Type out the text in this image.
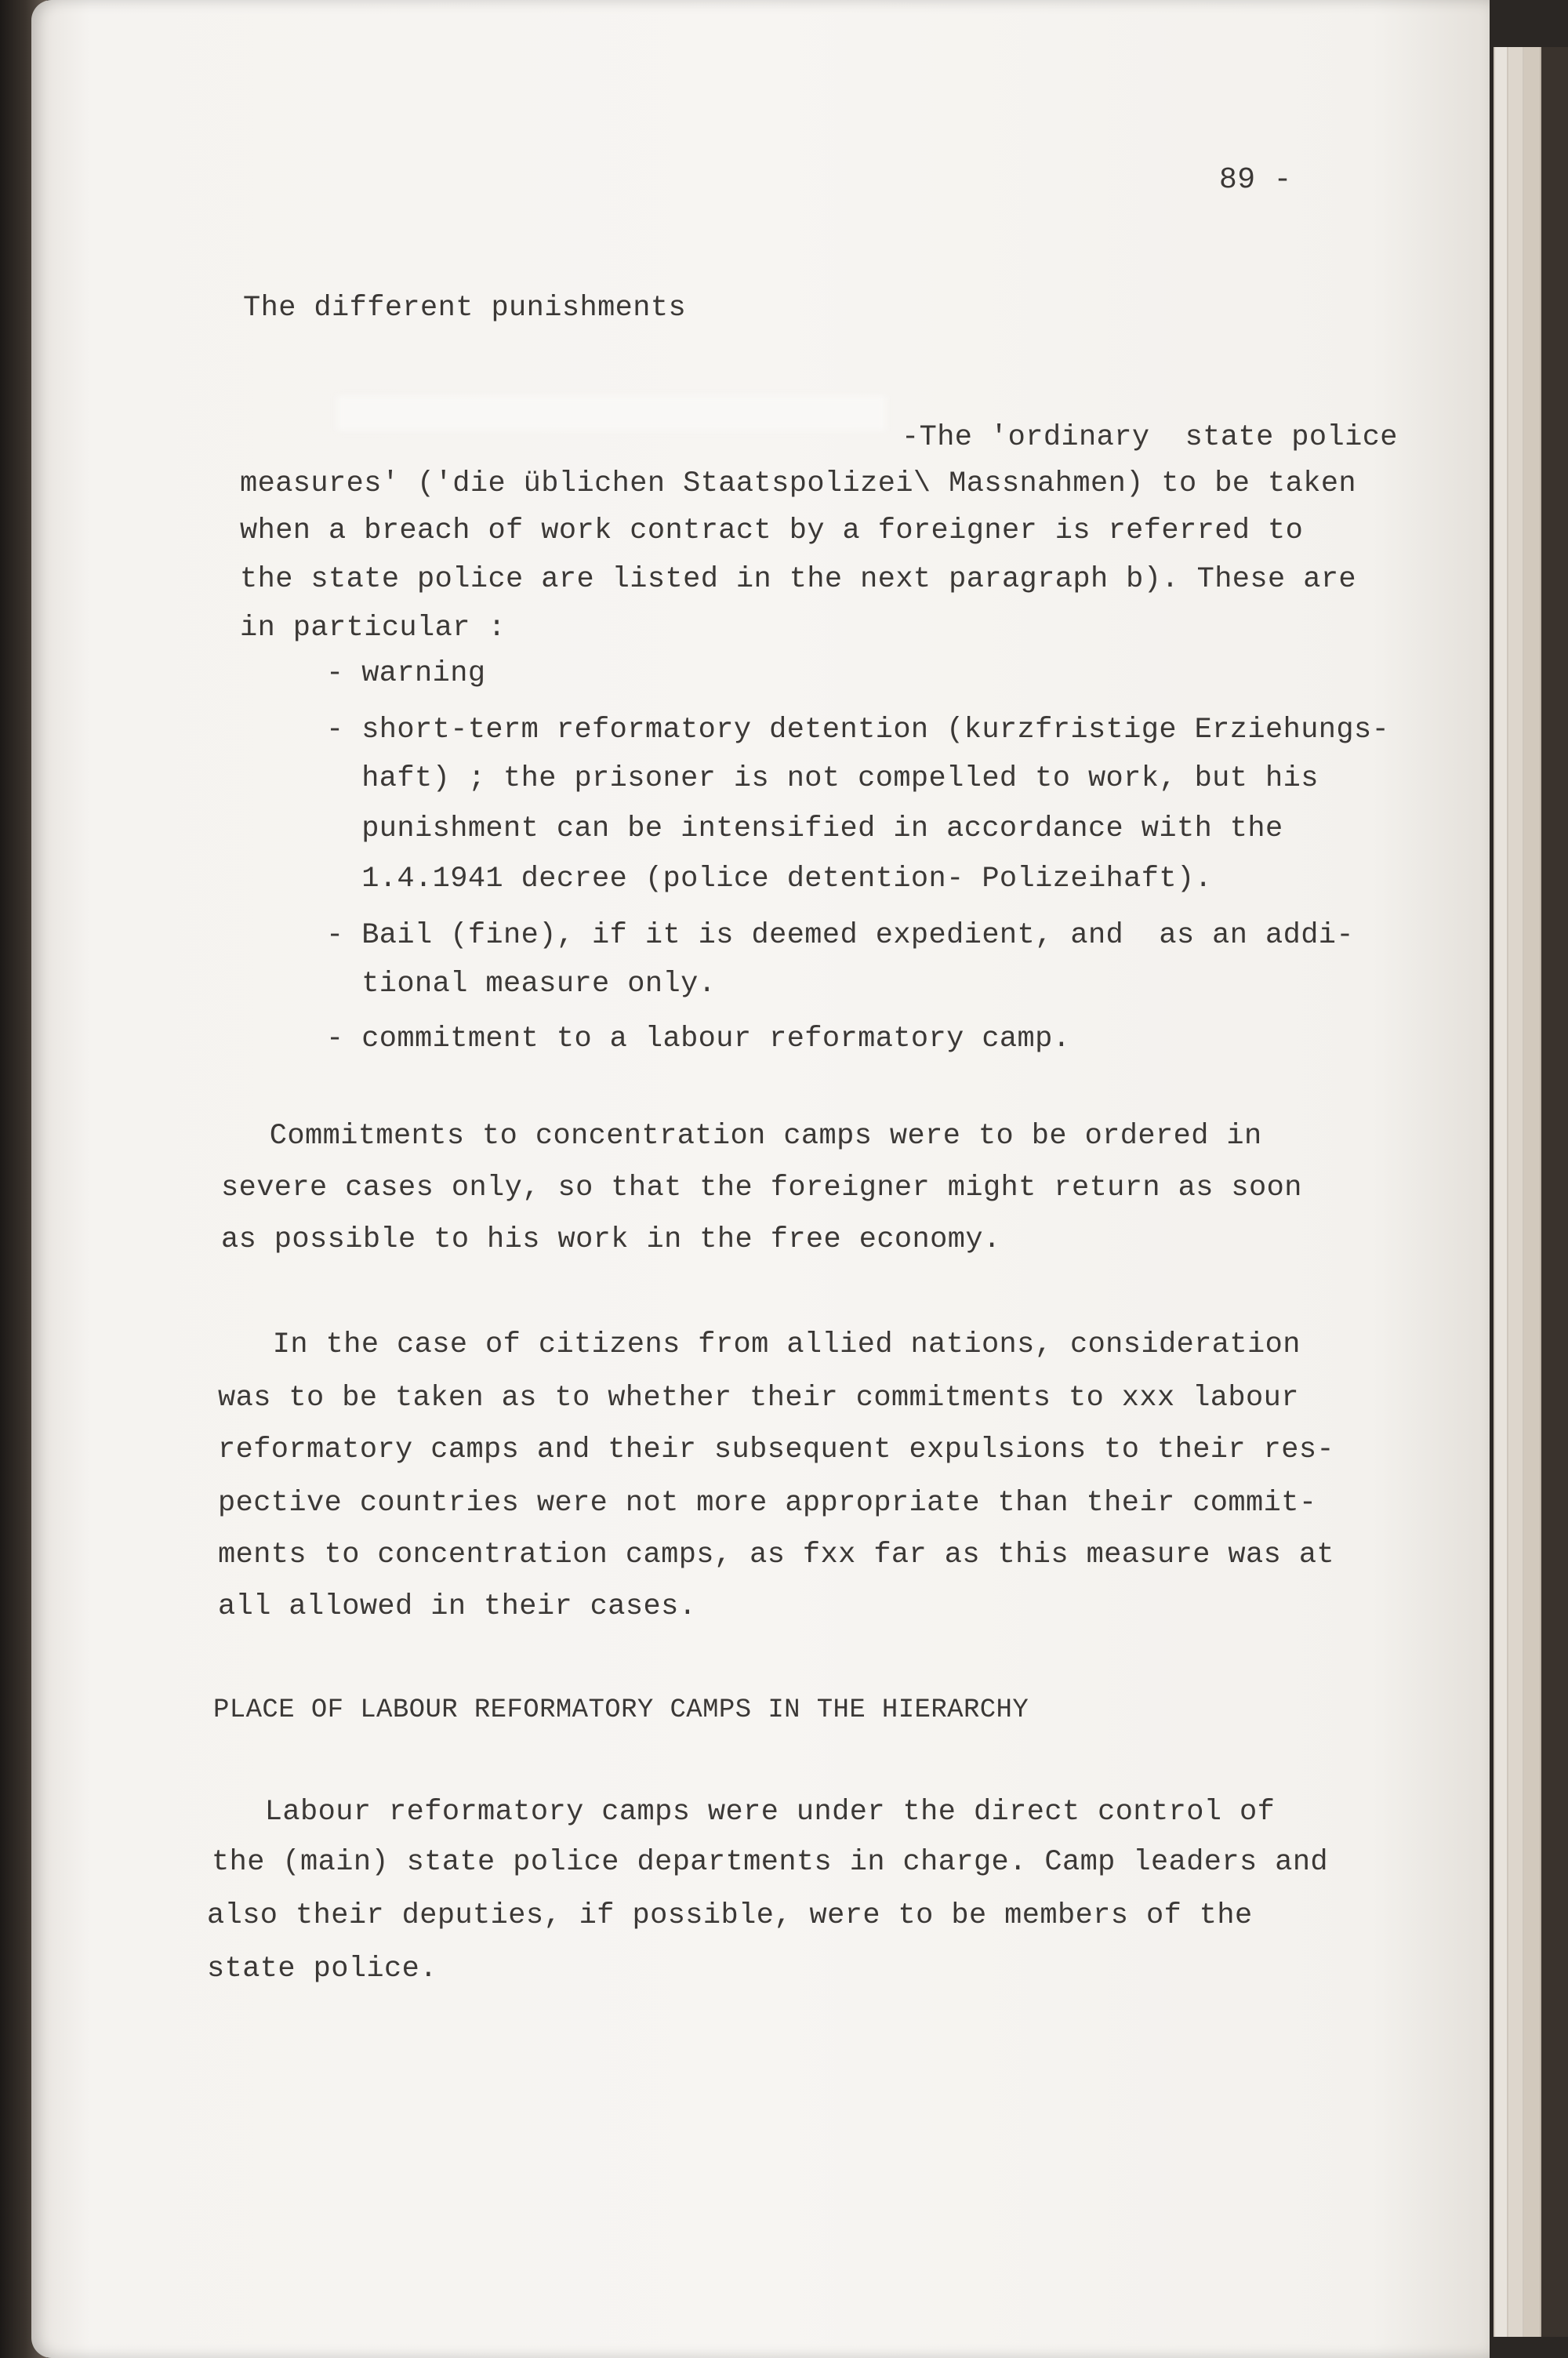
89 -
The different punishments
-The 'ordinary  state police
measures' ('die üblichen Staatspolizei\ Massnahmen) to be taken
when a breach of work contract by a foreigner is referred to
the state police are listed in the next paragraph b). These are
in particular :
- warning
- short-term reformatory detention (kurzfristige Erziehungs-
haft) ; the prisoner is not compelled to work, but his
punishment can be intensified in accordance with the
1.4.1941 decree (police detention- Polizeihaft).
- Bail (fine), if it is deemed expedient, and  as an addi-
tional measure only.
- commitment to a labour reformatory camp.
Commitments to concentration camps were to be ordered in
severe cases only, so that the foreigner might return as soon
as possible to his work in the free economy.
In the case of citizens from allied nations, consideration
was to be taken as to whether their commitments to xxx labour
reformatory camps and their subsequent expulsions to their res-
pective countries were not more appropriate than their commit-
ments to concentration camps, as fxx far as this measure was at
all allowed in their cases.
PLACE OF LABOUR REFORMATORY CAMPS IN THE HIERARCHY
Labour reformatory camps were under the direct control of
the (main) state police departments in charge. Camp leaders and
also their deputies, if possible, were to be members of the
state police.
